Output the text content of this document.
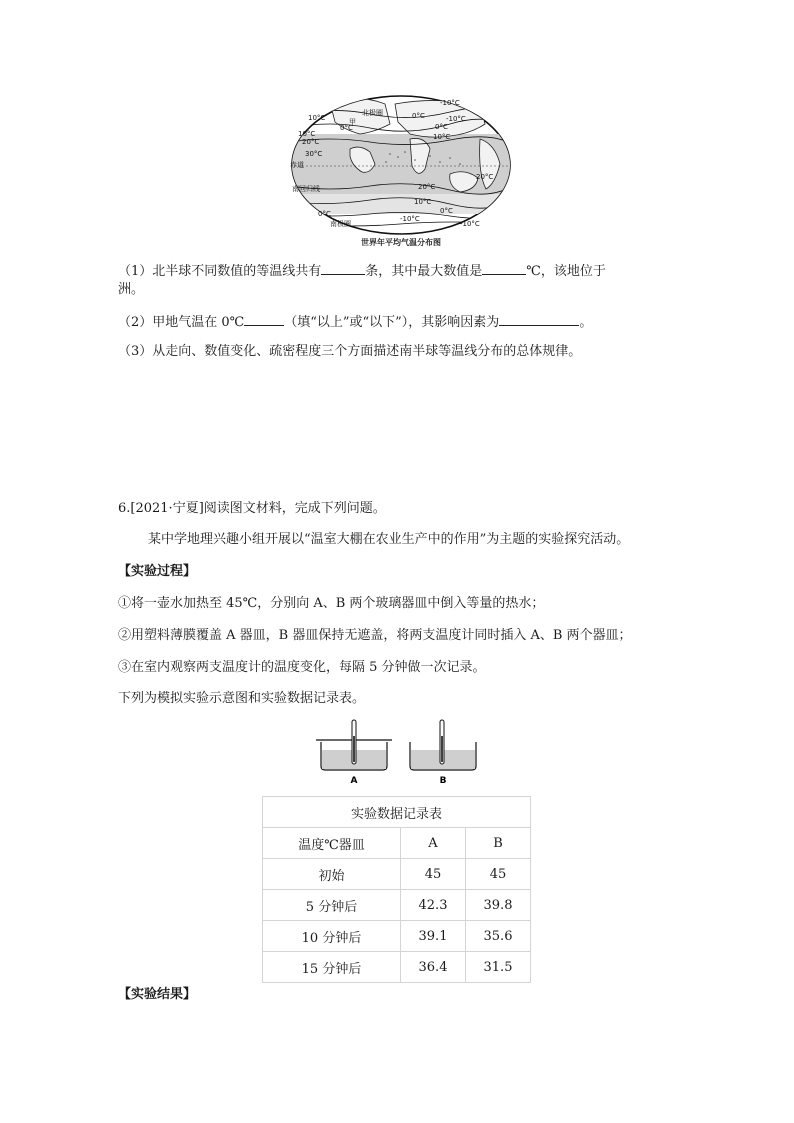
-10°C
北极圈	0°C	-10°C
0°C
10°C	甲
0°C
10°C
10°C
20°C
30°C
赤道
20°C
南回归线	20°C
10°C
0°C
0°C
-10°C
南极圈	-10°C
世界年平均气温分布图
（1）北半球不同数值的等温线共有	条，其中最大数值是	℃，该地位于
洲。
（2）甲地气温在 0℃	（填“以上”或“以下”），其影响因素为	。
（3）从走向、数值变化、疏密程度三个方面描述南半球等温线分布的总体规律。
6.[2021·宁夏]阅读图文材料，完成下列问题。
某中学地理兴趣小组开展以“温室大棚在农业生产中的作用”为主题的实验探究活动。
【实验过程】
①将一壶水加热至 45℃，分别向 A、B 两个玻璃器皿中倒入等量的热水；
②用塑料薄膜覆盖 A 器皿，B 器皿保持无遮盖，将两支温度计同时插入 A、B 两个器皿；
③在室内观察两支温度计的温度变化，每隔 5 分钟做一次记录。
下列为模拟实验示意图和实验数据记录表。
A	B
实验数据记录表		
温度℃器皿	A	B
初始	45	45
5 分钟后	42.3	39.8
10 分钟后	39.1	35.6
15 分钟后	36.4	31.5
【实验结果】
